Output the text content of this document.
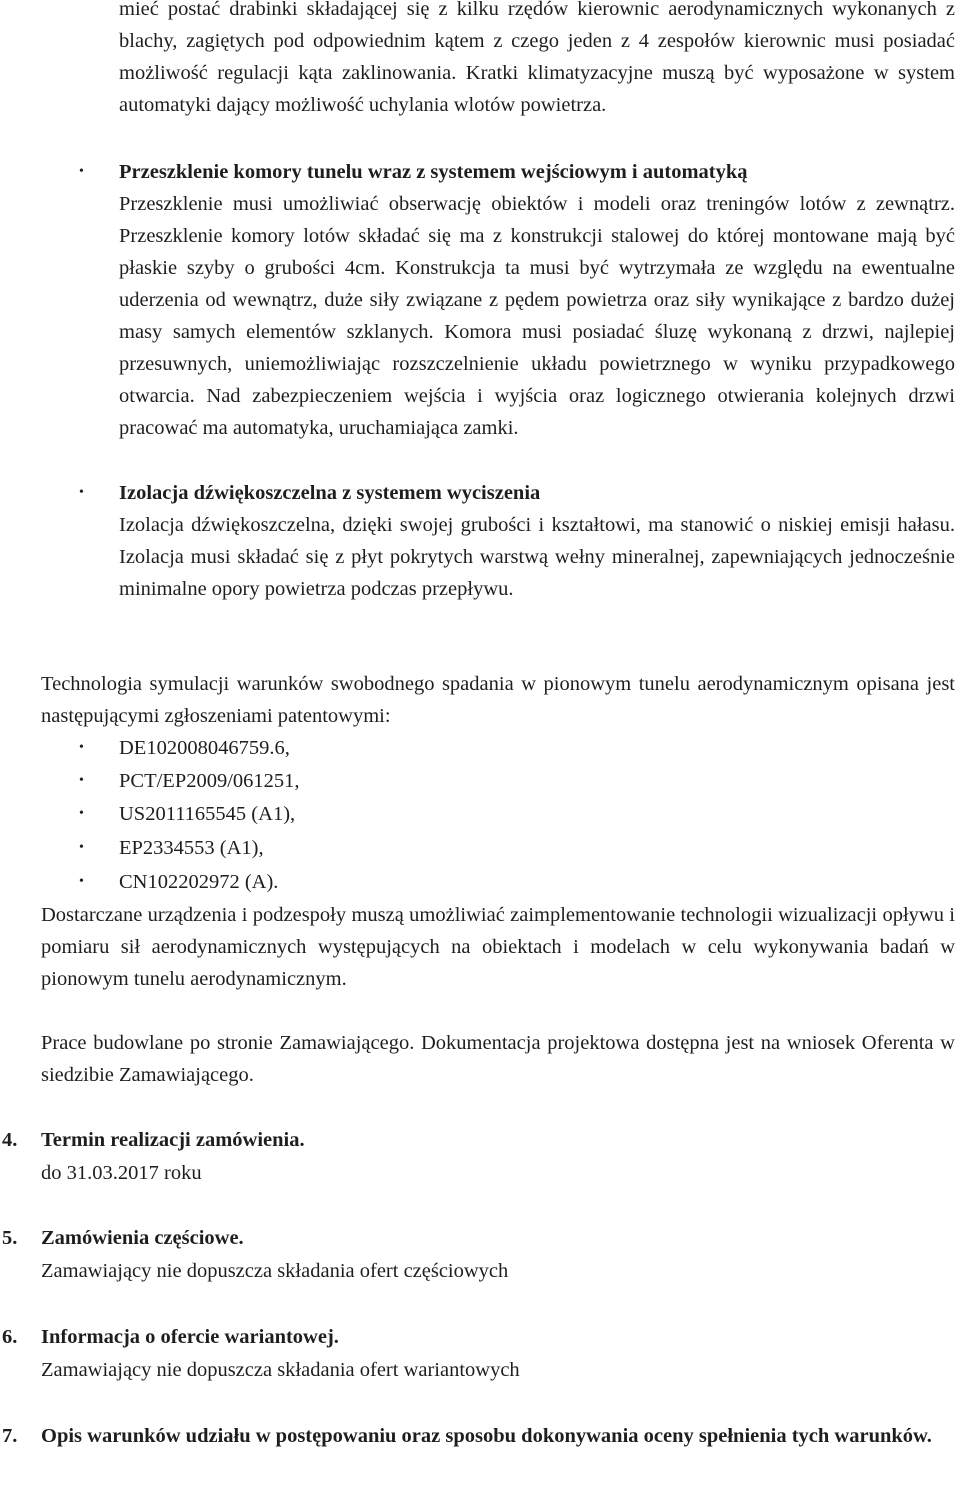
mieć postać drabinki składającej się z kilku rzędów kierownic aerodynamicznych wykonanych z blachy, zagiętych pod odpowiednim kątem z czego jeden z 4 zespołów kierownic musi posiadać możliwość regulacji kąta zaklinowania. Kratki klimatyzacyjne muszą być wyposażone w system automatyki dający możliwość uchylania wlotów powietrza.

• Przeszklenie komory tunelu wraz z systemem wejściowym i automatyką

Przeszklenie musi umożliwiać obserwację obiektów i modeli oraz treningów lotów z zewnątrz. Przeszklenie komory lotów składać się ma z konstrukcji stalowej do której montowane mają być płaskie szyby o grubości 4cm. Konstrukcja ta musi być wytrzymała ze względu na ewentualne uderzenia od wewnątrz, duże siły związane z pędem powietrza oraz siły wynikające z bardzo dużej masy samych elementów szklanych. Komora musi posiadać śluzę wykonaną z drzwi, najlepiej przesuwnych, uniemożliwiając rozszczelnienie układu powietrznego w wyniku przypadkowego otwarcia. Nad zabezpieczeniem wejścia i wyjścia oraz logicznego otwierania kolejnych drzwi pracować ma automatyka, uruchamiająca zamki.

• Izolacja dźwiękoszczelna z systemem wyciszenia

Izolacja dźwiękoszczelna, dzięki swojej grubości i kształtowi, ma stanowić o niskiej emisji hałasu. Izolacja musi składać się z płyt pokrytych warstwą wełny mineralnej, zapewniających jednocześnie minimalne opory powietrza podczas przepływu.

Technologia symulacji warunków swobodnego spadania w pionowym tunelu aerodynamicznym opisana jest następującymi zgłoszeniami patentowymi:

• DE102008046759.6,
• PCT/EP2009/061251,
• US2011165545 (A1),
• EP2334553 (A1),
• CN102202972 (A).

Dostarczane urządzenia i podzespoły muszą umożliwiać zaimplementowanie technologii wizualizacji opływu i pomiaru sił aerodynamicznych występujących na obiektach i modelach w celu wykonywania badań w pionowym tunelu aerodynamicznym.

Prace budowlane po stronie Zamawiającego. Dokumentacja projektowa dostępna jest na wniosek Oferenta w siedzibie Zamawiającego.

4. Termin realizacji zamówienia.
do 31.03.2017 roku
5. Zamówienia częściowe.
Zamawiający nie dopuszcza składania ofert częściowych
6. Informacja o ofercie wariantowej.
Zamawiający nie dopuszcza składania ofert wariantowych
7. Opis warunków udziału w postępowaniu oraz sposobu dokonywania oceny spełnienia tych warunków.
